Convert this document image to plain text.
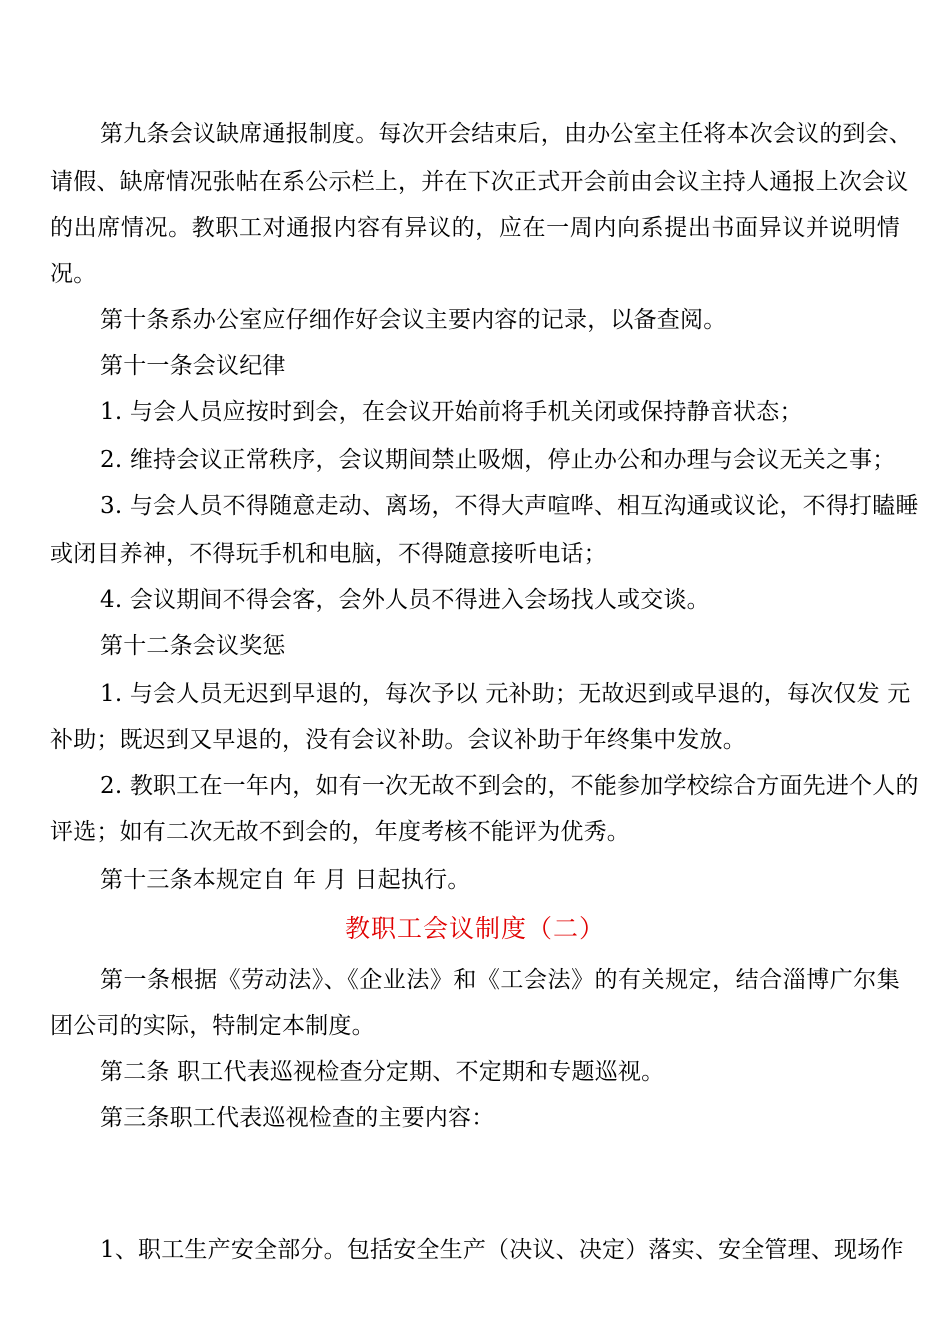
第九条会议缺席通报制度。每次开会结束后，由办公室主任将本次会议的到会、
请假、缺席情况张帖在系公示栏上，并在下次正式开会前由会议主持人通报上次会议
的出席情况。教职工对通报内容有异议的，应在一周内向系提出书面异议并说明情
况。
第十条系办公室应仔细作好会议主要内容的记录，以备查阅。
第十一条会议纪律
1. 与会人员应按时到会，在会议开始前将手机关闭或保持静音状态；
2. 维持会议正常秩序，会议期间禁止吸烟，停止办公和办理与会议无关之事；
3. 与会人员不得随意走动、离场，不得大声喧哗、相互沟通或议论，不得打瞌睡
或闭目养神，不得玩手机和电脑，不得随意接听电话；
4. 会议期间不得会客，会外人员不得进入会场找人或交谈。
第十二条会议奖惩
1. 与会人员无迟到早退的，每次予以 元补助；无故迟到或早退的，每次仅发 元
补助；既迟到又早退的，没有会议补助。会议补助于年终集中发放。
2. 教职工在一年内，如有一次无故不到会的，不能参加学校综合方面先进个人的
评选；如有二次无故不到会的，年度考核不能评为优秀。
第十三条本规定自 年 月 日起执行。
教职工会议制度（二）
第一条根据《劳动法》、《企业法》和《工会法》的有关规定，结合淄博广尔集
团公司的实际，特制定本制度。
第二条 职工代表巡视检查分定期、不定期和专题巡视。
第三条职工代表巡视检查的主要内容：
1、职工生产安全部分。包括安全生产（决议、决定）落实、安全管理、现场作
